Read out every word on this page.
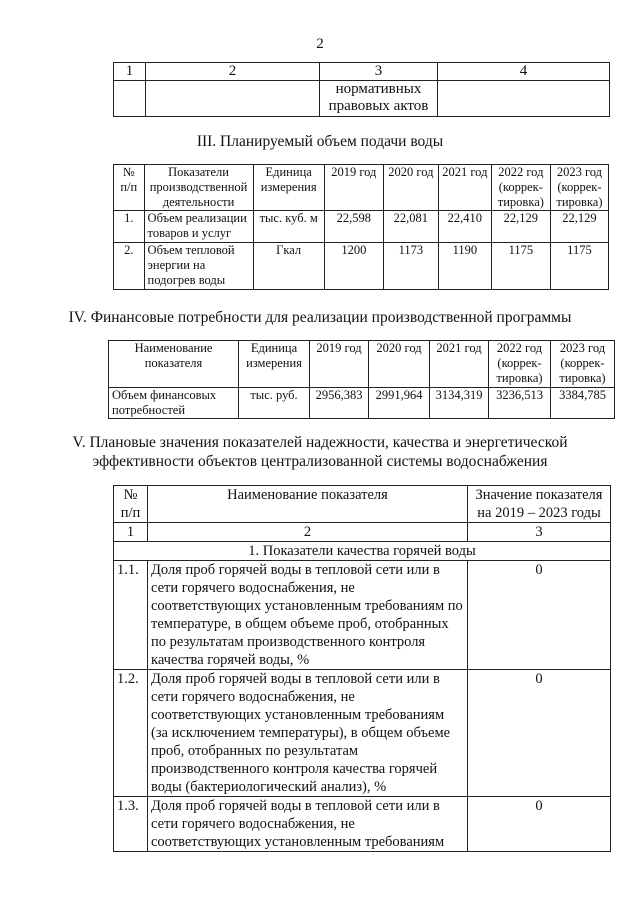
2
1	2	3	4
		нормативных правовых актов	
III. Планируемый объем подачи воды
№ п/п	Показатели производственной деятельности	Единица измерения	2019 год	2020 год	2021 год	2022 год (коррек-тировка)	2023 год (коррек-тировка)
1.	Объем реализации товаров и услуг	тыс. куб. м	22,598	22,081	22,410	22,129	22,129
2.	Объем тепловой энергии на подогрев воды	Гкал	1200	1173	1190	1175	1175
IV. Финансовые потребности для реализации производственной программы
Наименование показателя	Единица измерения	2019 год	2020 год	2021 год	2022 год (коррек-тировка)	2023 год (коррек-тировка)
Объем финансовых потребностей	тыс. руб.	2956,383	2991,964	3134,319	3236,513	3384,785
V. Плановые значения показателей надежности, качества и энергетической
эффективности объектов централизованной системы водоснабжения
№ п/п	Наименование показателя	Значение показателя на 2019 – 2023 годы
1	2	3
1. Показатели качества горячей воды		
1.1.	Доля проб горячей воды в тепловой сети или в сети горячего водоснабжения, не соответствующих установленным требованиям по температуре, в общем объеме проб, отобранных по результатам производственного контроля качества горячей воды, %	0
1.2.	Доля проб горячей воды в тепловой сети или в сети горячего водоснабжения, не соответствующих установленным требованиям (за исключением температуры), в общем объеме проб, отобранных по результатам производственного контроля качества горячей воды (бактериологический анализ), %	0
1.3.	Доля проб горячей воды в тепловой сети или в сети горячего водоснабжения, не соответствующих установленным требованиям	0
